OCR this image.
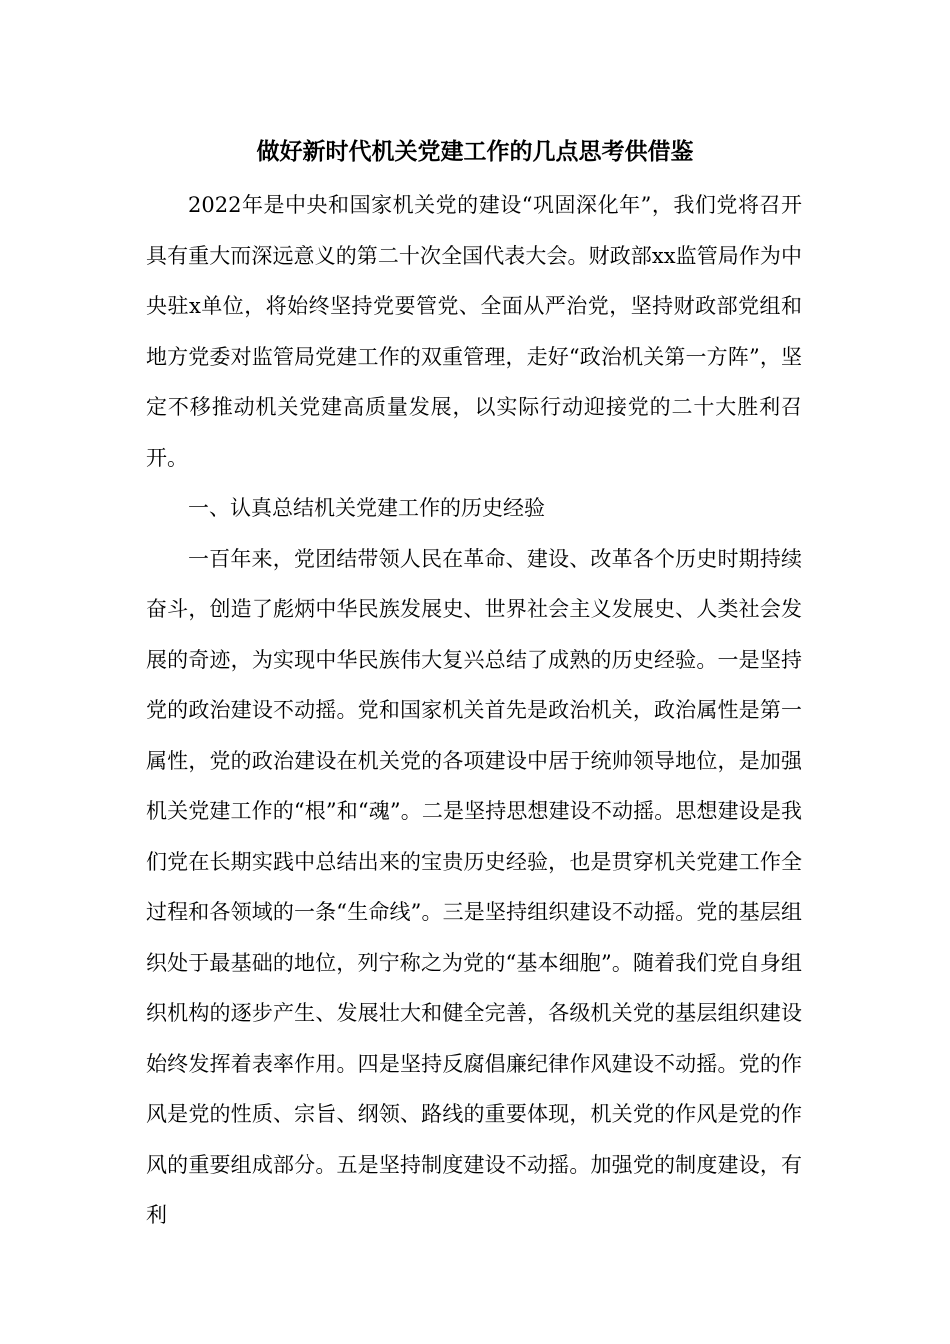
做好新时代机关党建工作的几点思考供借鉴

2022年是中央和国家机关党的建设“巩固深化年”，我们党将召开具有重大而深远意义的第二十次全国代表大会。财政部xx监管局作为中央驻x单位，将始终坚持党要管党、全面从严治党，坚持财政部党组和地方党委对监管局党建工作的双重管理，走好“政治机关第一方阵”，坚定不移推动机关党建高质量发展，以实际行动迎接党的二十大胜利召开。

一、认真总结机关党建工作的历史经验

一百年来，党团结带领人民在革命、建设、改革各个历史时期持续奋斗，创造了彪炳中华民族发展史、世界社会主义发展史、人类社会发展的奇迹，为实现中华民族伟大复兴总结了成熟的历史经验。一是坚持党的政治建设不动摇。党和国家机关首先是政治机关，政治属性是第一属性，党的政治建设在机关党的各项建设中居于统帅领导地位，是加强机关党建工作的“根”和“魂”。二是坚持思想建设不动摇。思想建设是我们党在长期实践中总结出来的宝贵历史经验，也是贯穿机关党建工作全过程和各领域的一条“生命线”。三是坚持组织建设不动摇。党的基层组织处于最基础的地位，列宁称之为党的“基本细胞”。随着我们党自身组织机构的逐步产生、发展壮大和健全完善，各级机关党的基层组织建设始终发挥着表率作用。四是坚持反腐倡廉纪律作风建设不动摇。党的作风是党的性质、宗旨、纲领、路线的重要体现，机关党的作风是党的作风的重要组成部分。五是坚持制度建设不动摇。加强党的制度建设，有利
